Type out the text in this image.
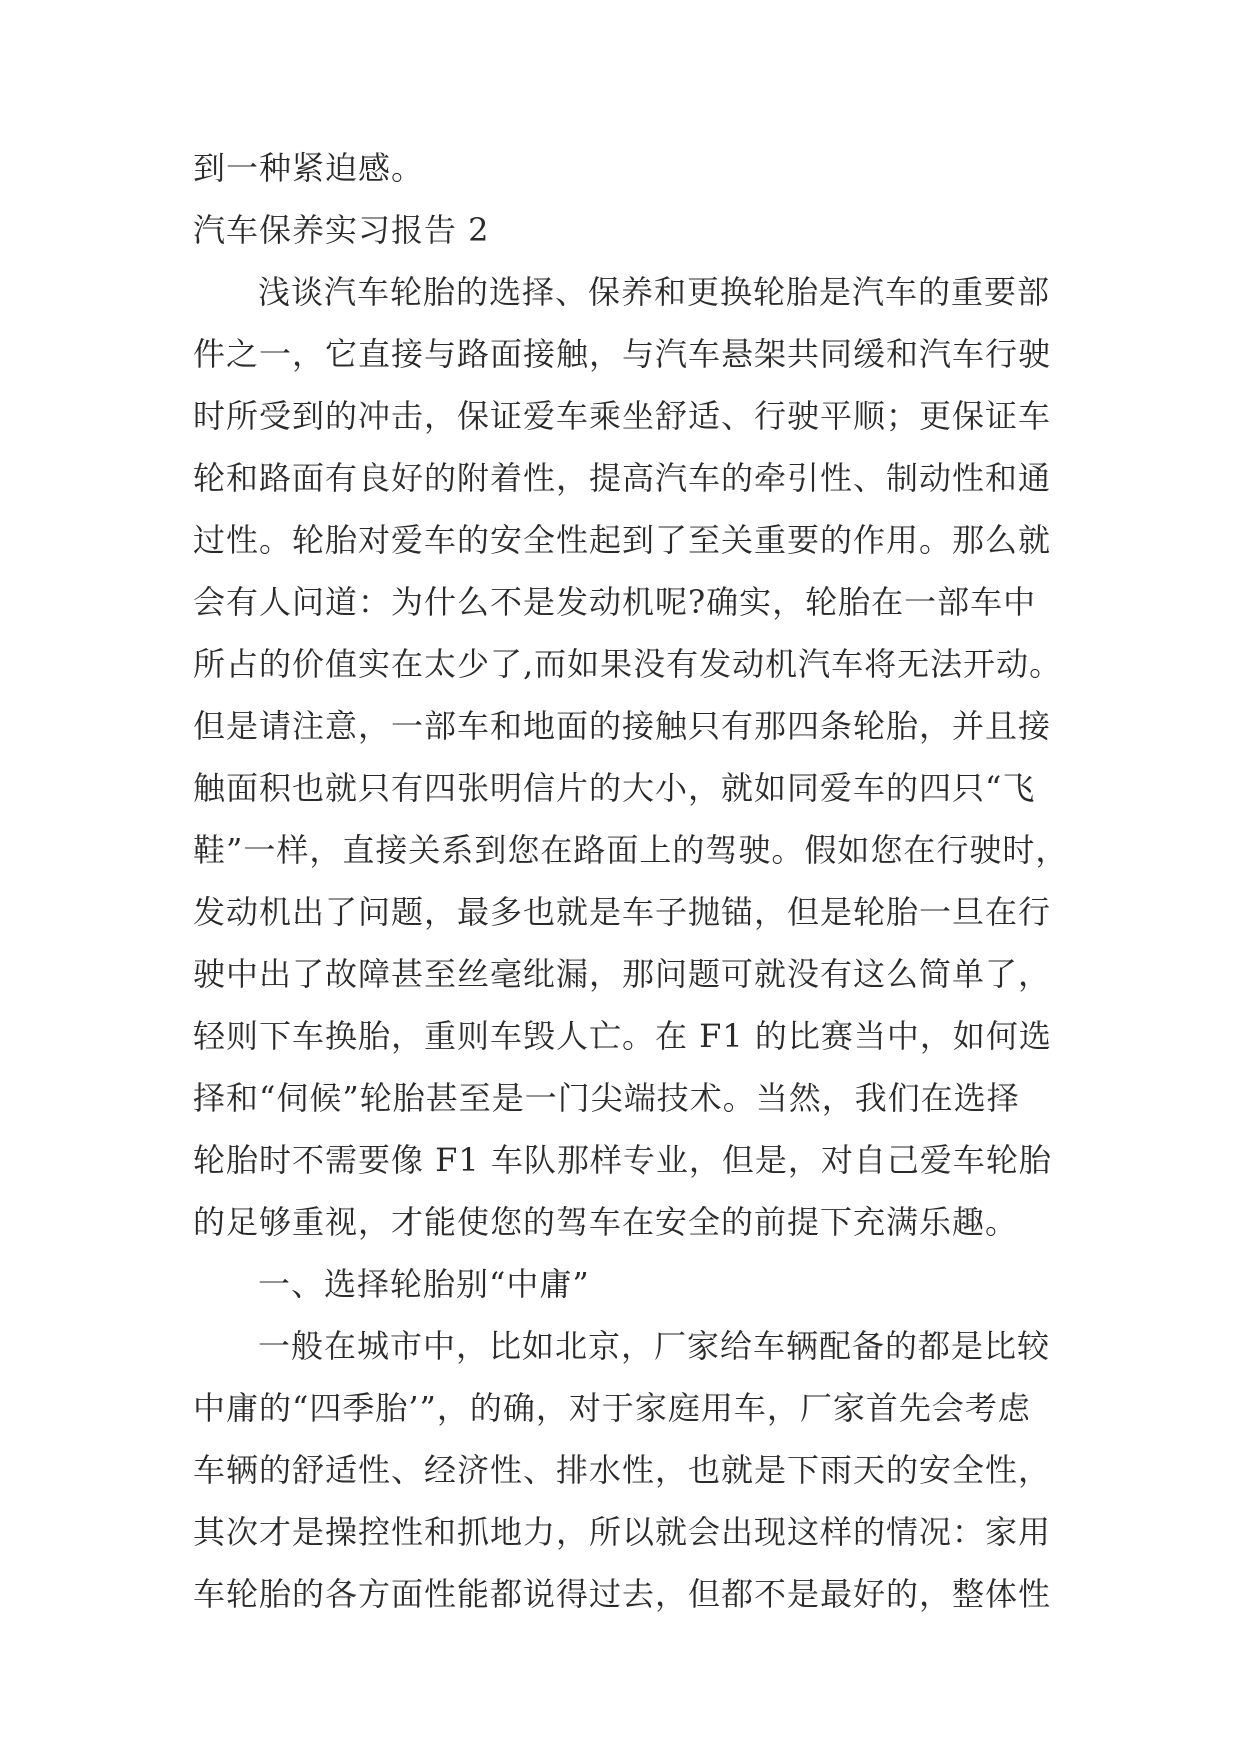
到一种紧迫感。
汽车保养实习报告 2
浅谈汽车轮胎的选择、保养和更换轮胎是汽车的重要部
件之一，它直接与路面接触，与汽车悬架共同缓和汽车行驶
时所受到的冲击，保证爱车乘坐舒适、行驶平顺；更保证车
轮和路面有良好的附着性，提高汽车的牵引性、制动性和通
过性。轮胎对爱车的安全性起到了至关重要的作用。那么就
会有人问道：为什么不是发动机呢?确实，轮胎在一部车中
所占的价值实在太少了,而如果没有发动机汽车将无法开动。
但是请注意，一部车和地面的接触只有那四条轮胎，并且接
触面积也就只有四张明信片的大小，就如同爱车的四只“飞
鞋”一样，直接关系到您在路面上的驾驶。假如您在行驶时，
发动机出了问题，最多也就是车子抛锚，但是轮胎一旦在行
驶中出了故障甚至丝毫纰漏，那问题可就没有这么简单了，
轻则下车换胎，重则车毁人亡。在 F1 的比赛当中，如何选
择和“伺候”轮胎甚至是一门尖端技术。当然，我们在选择
轮胎时不需要像 F1 车队那样专业，但是，对自己爱车轮胎
的足够重视，才能使您的驾车在安全的前提下充满乐趣。
一、选择轮胎别“中庸”
一般在城市中，比如北京，厂家给车辆配备的都是比较
中庸的“四季胎’”，的确，对于家庭用车，厂家首先会考虑
车辆的舒适性、经济性、排水性，也就是下雨天的安全性，
其次才是操控性和抓地力，所以就会出现这样的情况：家用
车轮胎的各方面性能都说得过去，但都不是最好的，整体性
